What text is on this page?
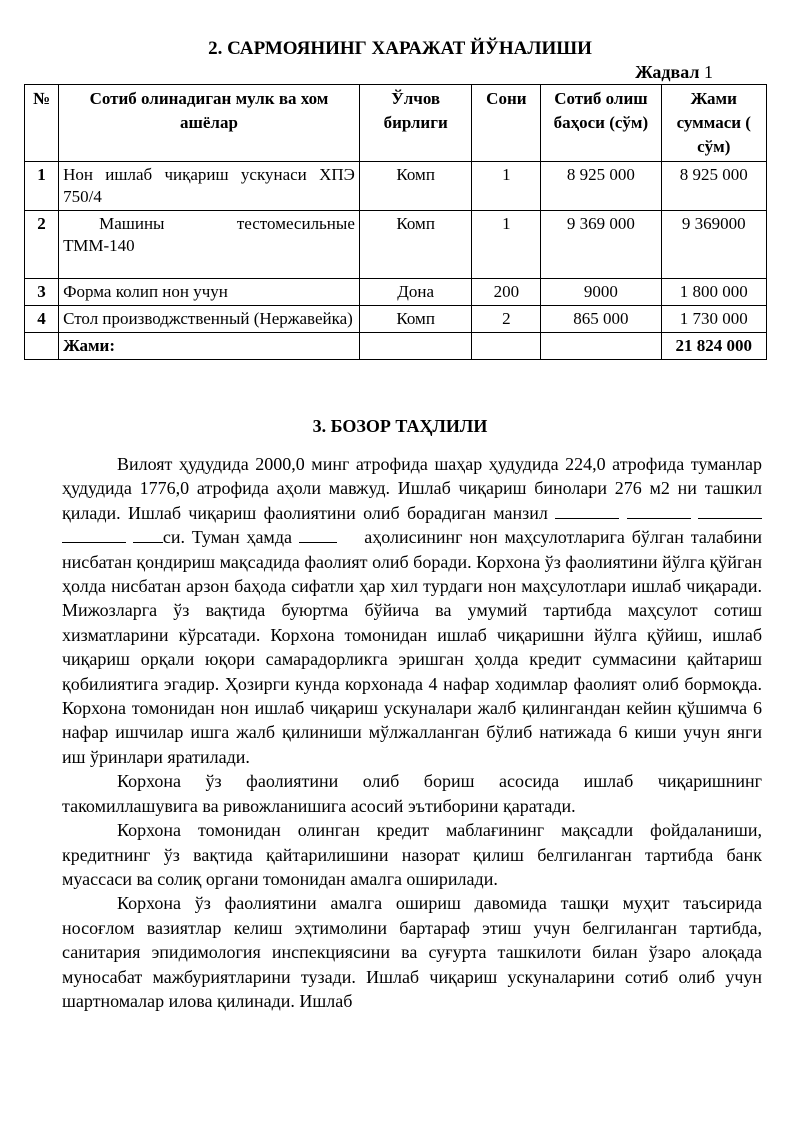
2. САРМОЯНИНГ ХАРАЖАТ ЙЎНАЛИШИ
Жадвал 1
№	Сотиб олинадиган мулк ва хом ашёлар	Ўлчов бирлиги	Сони	Сотиб олиш баҳоси (сўм)	Жами суммаси ( сўм)
1	Нон ишлаб чиқариш ускунаси ХПЭ 750/4	Комп	1	8 925 000	8 925 000
2	Машины тестомесильные ТММ-140	Комп	1	9 369 000	9 369000
3	Форма колип нон учун	Дона	200	9000	1 800 000
4	Стол производжственный (Нержавейка)	Комп	2	865 000	1 730 000
	Жами:				21 824 000
3. БОЗОР ТАҲЛИЛИ

Вилоят ҳудудида 2000,0 минг атрофида шаҳар ҳудудида 224,0 атрофида туманлар ҳудудида 1776,0 атрофида аҳоли мавжуд. Ишлаб чиқариш бинолари 276 м2 ни ташкил қилади. Ишлаб чиқариш фаолиятини олиб борадиган манзил     си. Туман ҳамда	аҳолисининг нон маҳсулотларига бўлган талабини нисбатан қондириш мақсадида фаолият олиб боради. Корхона ўз фаолиятини йўлга қўйган ҳолда нисбатан арзон баҳода сифатли ҳар хил турдаги нон маҳсулотлари ишлаб чиқаради. Мижозларга ўз вақтида буюртма бўйича ва умумий тартибда маҳсулот сотиш хизматларини кўрсатади. Корхона томонидан ишлаб чиқаришни йўлга қўйиш, ишлаб чиқариш орқали юқори самарадорликга эришган ҳолда кредит суммасини қайтариш қобилиятига эгадир. Ҳозирги кунда корхонада 4 нафар ходимлар фаолият олиб бормоқда. Корхона томонидан нон ишлаб чиқариш ускуналари жалб қилингандан кейин қўшимча 6 нафар ишчилар ишга жалб қилиниши мўлжалланган бўлиб натижада 6 киши учун янги иш ўринлари яратилади.

Корхона ўз фаолиятини олиб бориш асосида ишлаб чиқаришнинг такомиллашувига ва ривожланишига асосий эътиборини қаратади.

Корхона томонидан олинган кредит маблағининг мақсадли фойдаланиши, кредитнинг ўз вақтида қайтарилишини назорат қилиш белгиланган тартибда банк муассаси ва солиқ органи томонидан амалга оширилади.

Корхона ўз фаолиятини амалга ошириш давомида ташқи муҳит таъсирида носоғлом вазиятлар келиш эҳтимолини бартараф этиш учун белгиланган тартибда, санитария эпидимология инспекциясини ва суғурта ташкилоти билан ўзаро алоқада муносабат мажбуриятларини тузади. Ишлаб чиқариш ускуналарини сотиб олиб учун шартномалар илова қилинади. Ишлаб
